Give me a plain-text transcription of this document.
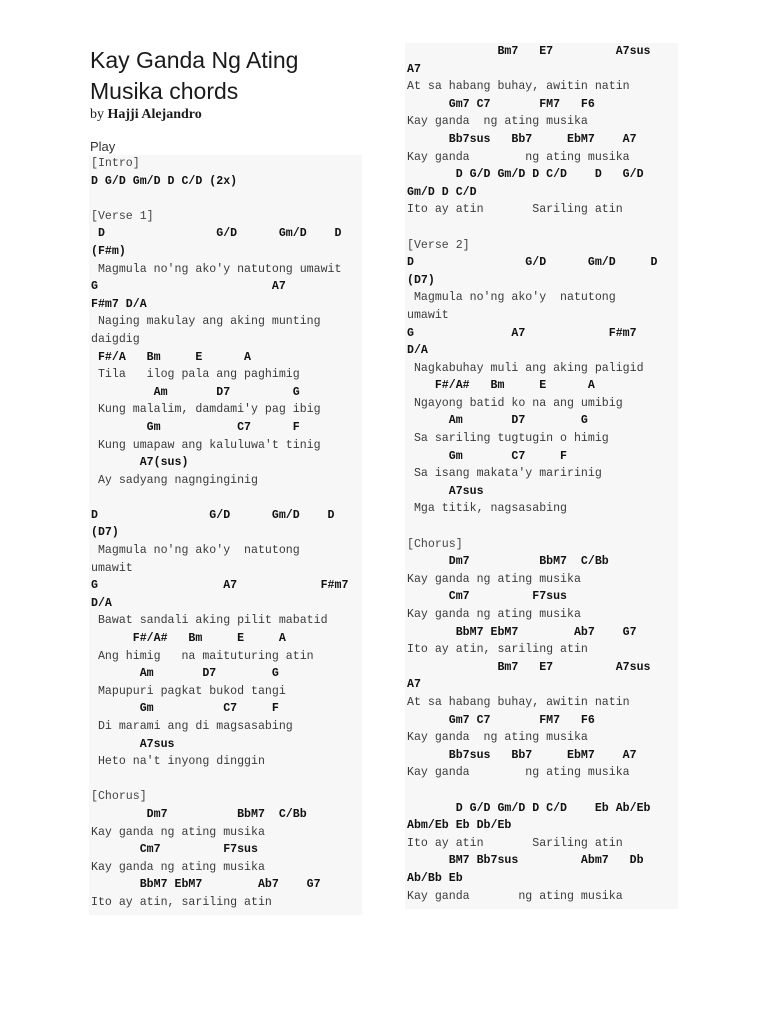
Kay Ganda Ng Ating Musika chords
by Hajji Alejandro
Play
[Intro]
D G/D Gm/D D C/D (2x)
[Verse 1]
D                G/D      Gm/D    D
(F#m)
Magmula no'ng ako'y natutong umawit
G                         A7
F#m7 D/A
Naging makulay ang aking munting
daigdig
F#/A   Bm     E      A
Tila   ilog pala ang paghimig
Am       D7         G
Kung malalim, damdami'y pag ibig
Gm           C7      F
Kung umapaw ang kaluluwa't tinig
A7(sus)
Ay sadyang nagnginginig
D                G/D      Gm/D    D
(D7)
Magmula no'ng ako'y  natutong
umawit
G                  A7            F#m7
D/A
Bawat sandali aking pilit mabatid
F#/A#   Bm     E     A
Ang himig   na maituturing atin
Am       D7        G
Mapupuri pagkat bukod tangi
Gm          C7     F
Di marami ang di magsasabing
A7sus
Heto na't inyong dinggin
[Chorus]
Dm7          BbM7  C/Bb
Kay ganda ng ating musika
Cm7         F7sus
Kay ganda ng ating musika
BbM7 EbM7        Ab7    G7
Ito ay atin, sariling atin
Bm7   E7         A7sus
A7
At sa habang buhay, awitin natin
Gm7 C7       FM7   F6
Kay ganda  ng ating musika
Bb7sus   Bb7     EbM7    A7
Kay ganda        ng ating musika
D G/D Gm/D D C/D    D   G/D
Gm/D D C/D
Ito ay atin       Sariling atin
[Verse 2]
D                G/D      Gm/D     D
(D7)
Magmula no'ng ako'y  natutong
umawit
G              A7            F#m7
D/A
Nagkabuhay muli ang aking paligid
F#/A#   Bm     E      A
Ngayong batid ko na ang umibig
Am       D7        G
Sa sariling tugtugin o himig
Gm       C7     F
Sa isang makata'y maririnig
A7sus
Mga titik, nagsasabing
[Chorus]
Dm7          BbM7  C/Bb
Kay ganda ng ating musika
Cm7         F7sus
Kay ganda ng ating musika
BbM7 EbM7        Ab7    G7
Ito ay atin, sariling atin
Bm7   E7         A7sus
A7
At sa habang buhay, awitin natin
Gm7 C7       FM7   F6
Kay ganda  ng ating musika
Bb7sus   Bb7     EbM7    A7
Kay ganda        ng ating musika
D G/D Gm/D D C/D    Eb Ab/Eb
Abm/Eb Eb Db/Eb
Ito ay atin       Sariling atin
BM7 Bb7sus         Abm7   Db
Ab/Bb Eb
Kay ganda       ng ating musika
